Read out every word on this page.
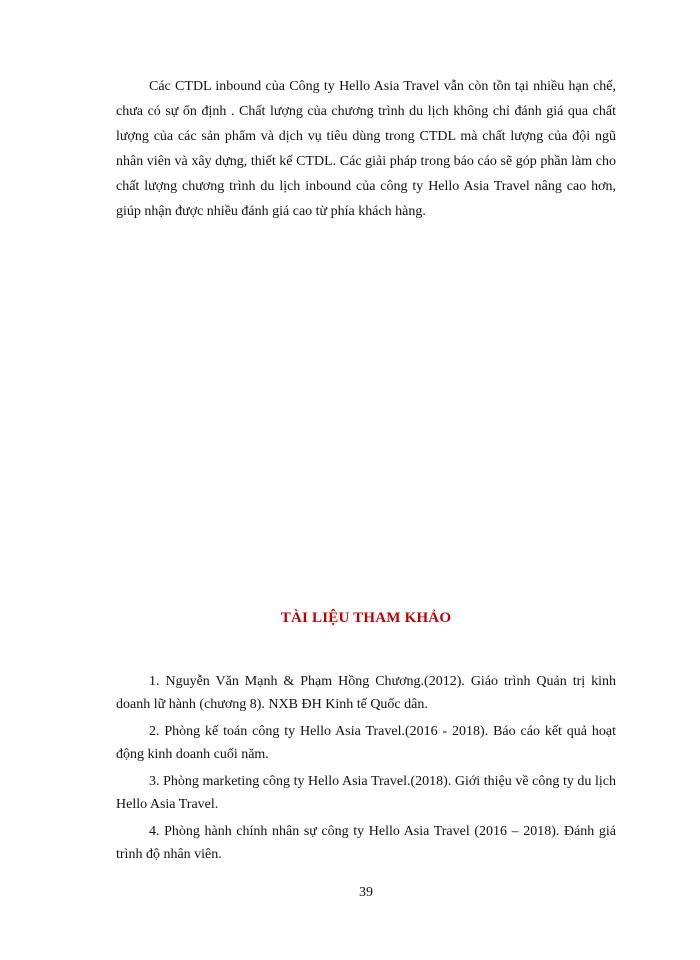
Các CTDL inbound của Công ty Hello Asia Travel vẫn còn tồn tại nhiều hạn chế, chưa có sự ổn định . Chất lượng của chương trình du lịch không chỉ đánh giá qua chất lượng của các sản phẩm và dịch vụ tiêu dùng trong CTDL mà chất lượng của đội ngũ nhân viên và xây dựng, thiết kế CTDL. Các giải pháp trong báo cáo sẽ góp phần làm cho chất lượng chương trình du lịch inbound của công ty Hello Asia Travel nâng cao hơn, giúp nhận được nhiều đánh giá cao từ phía khách hàng.

TÀI LIỆU THAM KHẢO
1. Nguyễn Văn Mạnh & Phạm Hồng Chương.(2012). Giáo trình Quản trị kinh doanh lữ hành (chương 8). NXB ĐH Kinh tế Quốc dân.
2. Phòng kế toán công ty Hello Asia Travel.(2016 - 2018). Báo cáo kết quả hoạt động kinh doanh cuối năm.
3. Phòng marketing công ty Hello Asia Travel.(2018). Giới thiệu về công ty du lịch Hello Asia Travel.
4. Phòng hành chính nhân sự công ty Hello Asia Travel (2016 – 2018). Đánh giá trình độ nhân viên.
39
